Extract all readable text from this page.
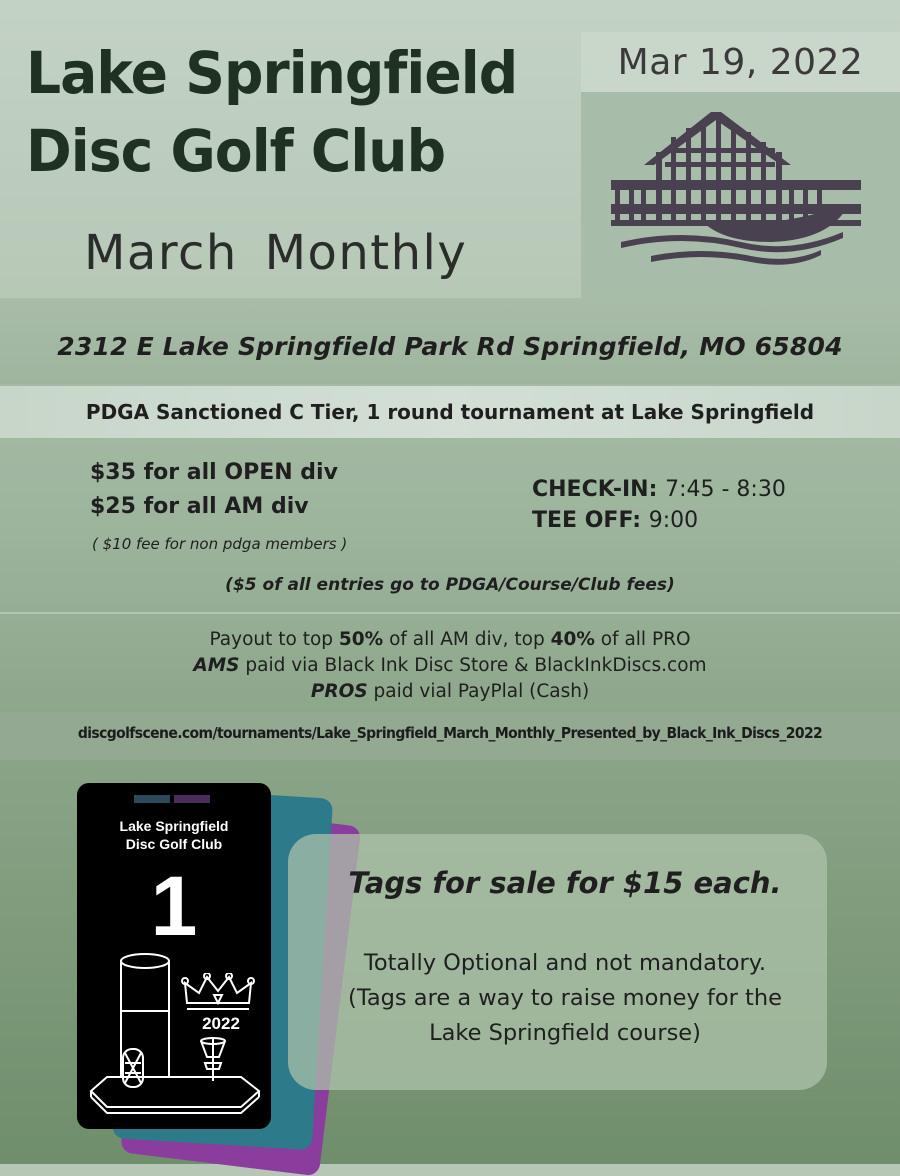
Mar 19, 2022
Lake Springfield
Disc Golf Club
March Monthly
2312 E Lake Springfield Park Rd Springfield, MO 65804
PDGA Sanctioned C Tier, 1 round tournament at Lake Springfield
$35 for all OPEN div
$25 for all AM div
( $10 fee for non pdga members )
CHECK-IN: 7:45 - 8:30
TEE OFF: 9:00
($5 of all entries go to PDGA/Course/Club fees)
Payout to top 50% of all AM div, top 40% of all PRO
AMS paid via Black Ink Disc Store & BlackInkDiscs.com
PROS paid vial PayPlal (Cash)
discgolfscene.com/tournaments/Lake_Springfield_March_Monthly_Presented_by_Black_Ink_Discs_2022
Lake Springfield
Disc Golf Club
1
2022
Tags for sale for $15 each.
Totally Optional and not mandatory.
(Tags are a way to raise money for the
Lake Springfield course)
